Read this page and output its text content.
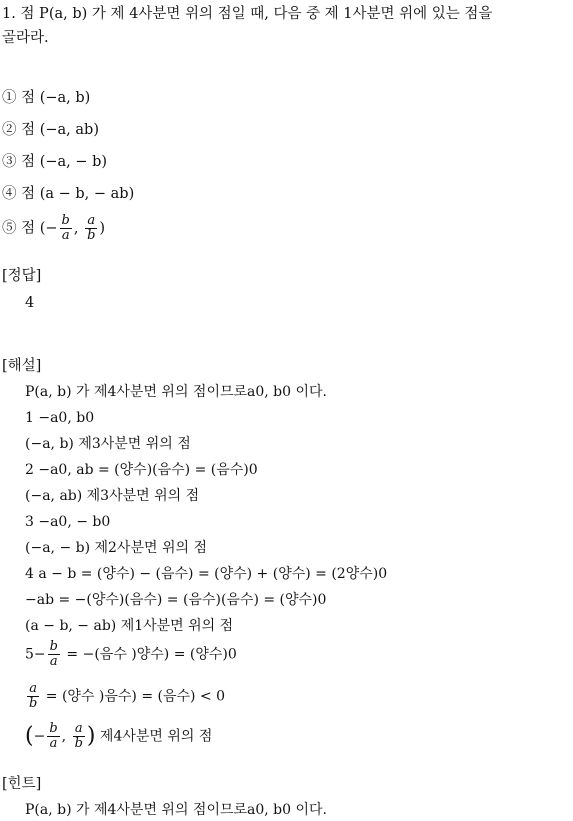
1. 점 P(a, b) 가 제 4사분면 위의 점일 때, 다음 중 제 1사분면 위에 있는 점을
골라라.
① 점 (−a, b)
② 점 (−a, ab)
③ 점 (−a, − b)
④ 점 (a − b, − ab)
⑤ 점 (− $\frac{b}{a}$ , $\frac{a}{b}$ )
[정답]
4
[해설]
P(a, b) 가 제4사분면 위의 점이므로a0, b0 이다.
1 −a0, b0
(−a, b) 제3사분면 위의 점
2 −a0, ab = (양수)(음수) = (음수)0
(−a, ab) 제3사분면 위의 점
3 −a0, − b0
(−a, − b) 제2사분면 위의 점
4 a − b = (양수) − (음수) = (양수) + (양수) = (2양수)0
−ab = −(양수)(음수) = (음수)(음수) = (양수)0
(a − b, − ab) 제1사분면 위의 점
$5- \frac{b}{a}$ = −(음수 )양수) = (양수)0
$\frac{a}{b}$ = (양수 )음수) = (음수) < 0
(− $\frac{b}{a}$ , $\frac{a}{b}$ ) 제4사분면 위의 점
[힌트]
P(a, b) 가 제4사분면 위의 점이므로a0, b0 이다.
